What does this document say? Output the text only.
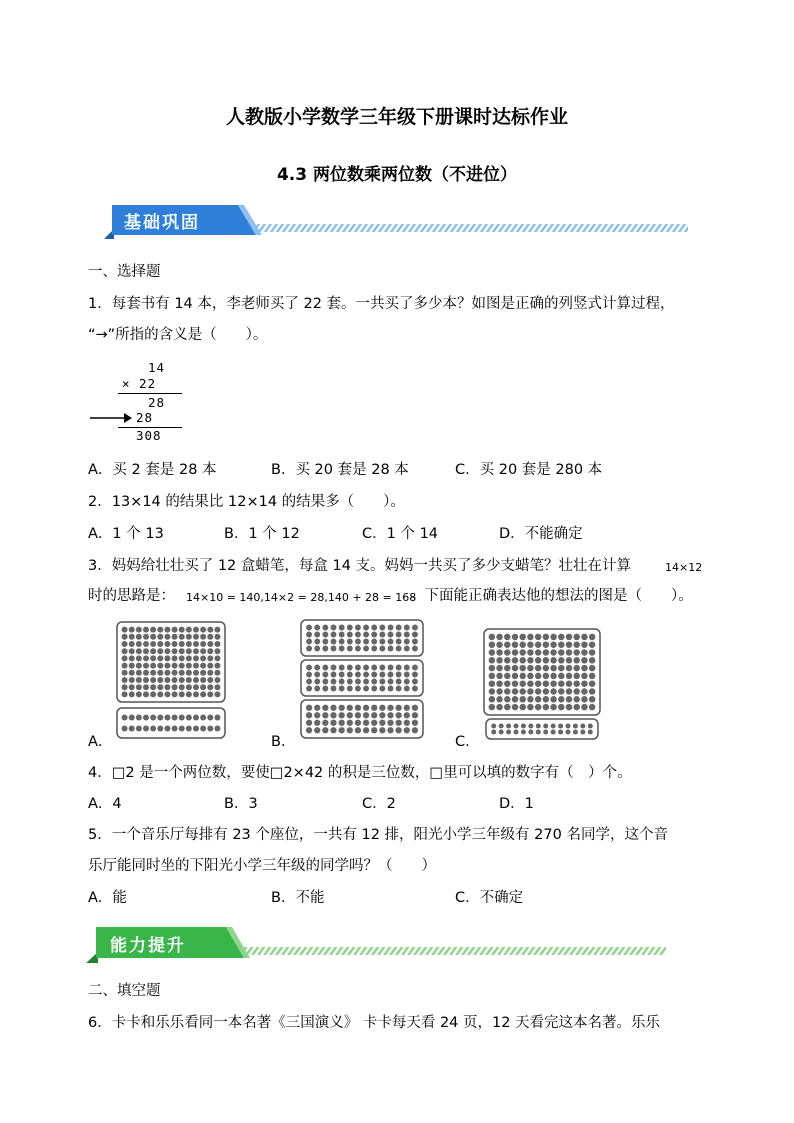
人教版小学数学三年级下册课时达标作业
4.3 两位数乘两位数（不进位）
基础巩固
一、选择题
1．每套书有 14 本，李老师买了 22 套。一共买了多少本？如图是正确的列竖式计算过程，
“→”所指的含义是（　　）。
14
× 22
28
28
308
A．买 2 套是 28 本	B．买 20 套是 28 本	C．买 20 套是 280 本
2．13×14 的结果比 12×14 的结果多（　　）。
A．1 个 13	B．1 个 12	C．1 个 14	D．不能确定
3．妈妈给壮壮买了 12 盒蜡笔，每盒 14 支。妈妈一共买了多少支蜡笔？壮壮在计算	14×12
时的思路是： 14×10 = 140,14×2 = 28,140 + 28 = 168
。下面能正确表达他的想法的图是（　　）。
A．	B．	C．
4．□2 是一个两位数，要使□2×42 的积是三位数，□里可以填的数字有（　）个。
A．4	B．3	C．2	D．1
5．一个音乐厅每排有 23 个座位，一共有 12 排，阳光小学三年级有 270 名同学，这个音
乐厅能同时坐的下阳光小学三年级的同学吗？（　　）
A．能	B．不能	C．不确定
能力提升
二、填空题
6．卡卡和乐乐看同一本名著《三国演义》 卡卡每天看 24 页，12 天看完这本名著。乐乐
